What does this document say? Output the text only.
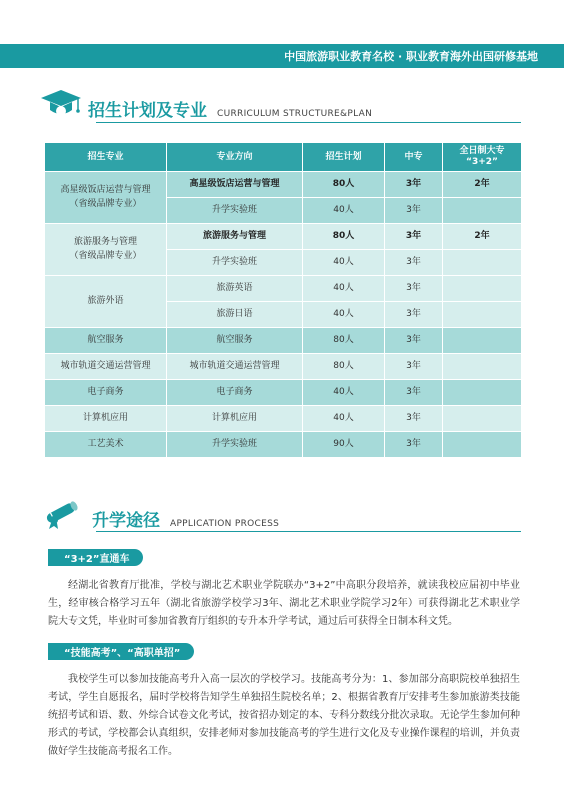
中国旅游职业教育名校 · 职业教育海外出国研修基地
招生计划及专业 CURRICULUM STRUCTURE&PLAN
招生专业	专业方向	招生计划	中专	全日制大专
“3+2”
高星级饭店运营与管理
（省级品牌专业）	高星级饭店运营与管理	80人	3年	2年
	升学实验班	40人	3年	
旅游服务与管理
（省级品牌专业）	旅游服务与管理	80人	3年	2年
	升学实验班	40人	3年	
旅游外语	旅游英语	40人	3年	
	旅游日语	40人	3年	
航空服务	航空服务	80人	3年	
城市轨道交通运营管理	城市轨道交通运营管理	80人	3年	
电子商务	电子商务	40人	3年	
计算机应用	计算机应用	40人	3年	
工艺美术	升学实验班	90人	3年	
升学途径 APPLICATION PROCESS
“3+2”直通车

经湖北省教育厅批准，学校与湖北艺术职业学院联办“3+2”中高职分段培养，就读我校应届初中毕业生，经审核合格学习五年（湖北省旅游学校学习3年、湖北艺术职业学院学习2年）可获得湖北艺术职业学院大专文凭，毕业时可参加省教育厅组织的专升本升学考试，通过后可获得全日制本科文凭。

“技能高考”、“高职单招”

我校学生可以参加技能高考升入高一层次的学校学习。技能高考分为：1、参加部分高职院校单独招生考试，学生自愿报名，届时学校将告知学生单独招生院校名单；2、根据省教育厅安排考生参加旅游类技能统招考试和语、数、外综合试卷文化考试，按省招办划定的本、专科分数线分批次录取。无论学生参加何种形式的考试，学校都会认真组织，安排老师对参加技能高考的学生进行文化及专业操作课程的培训，并负责做好学生技能高考报名工作。
